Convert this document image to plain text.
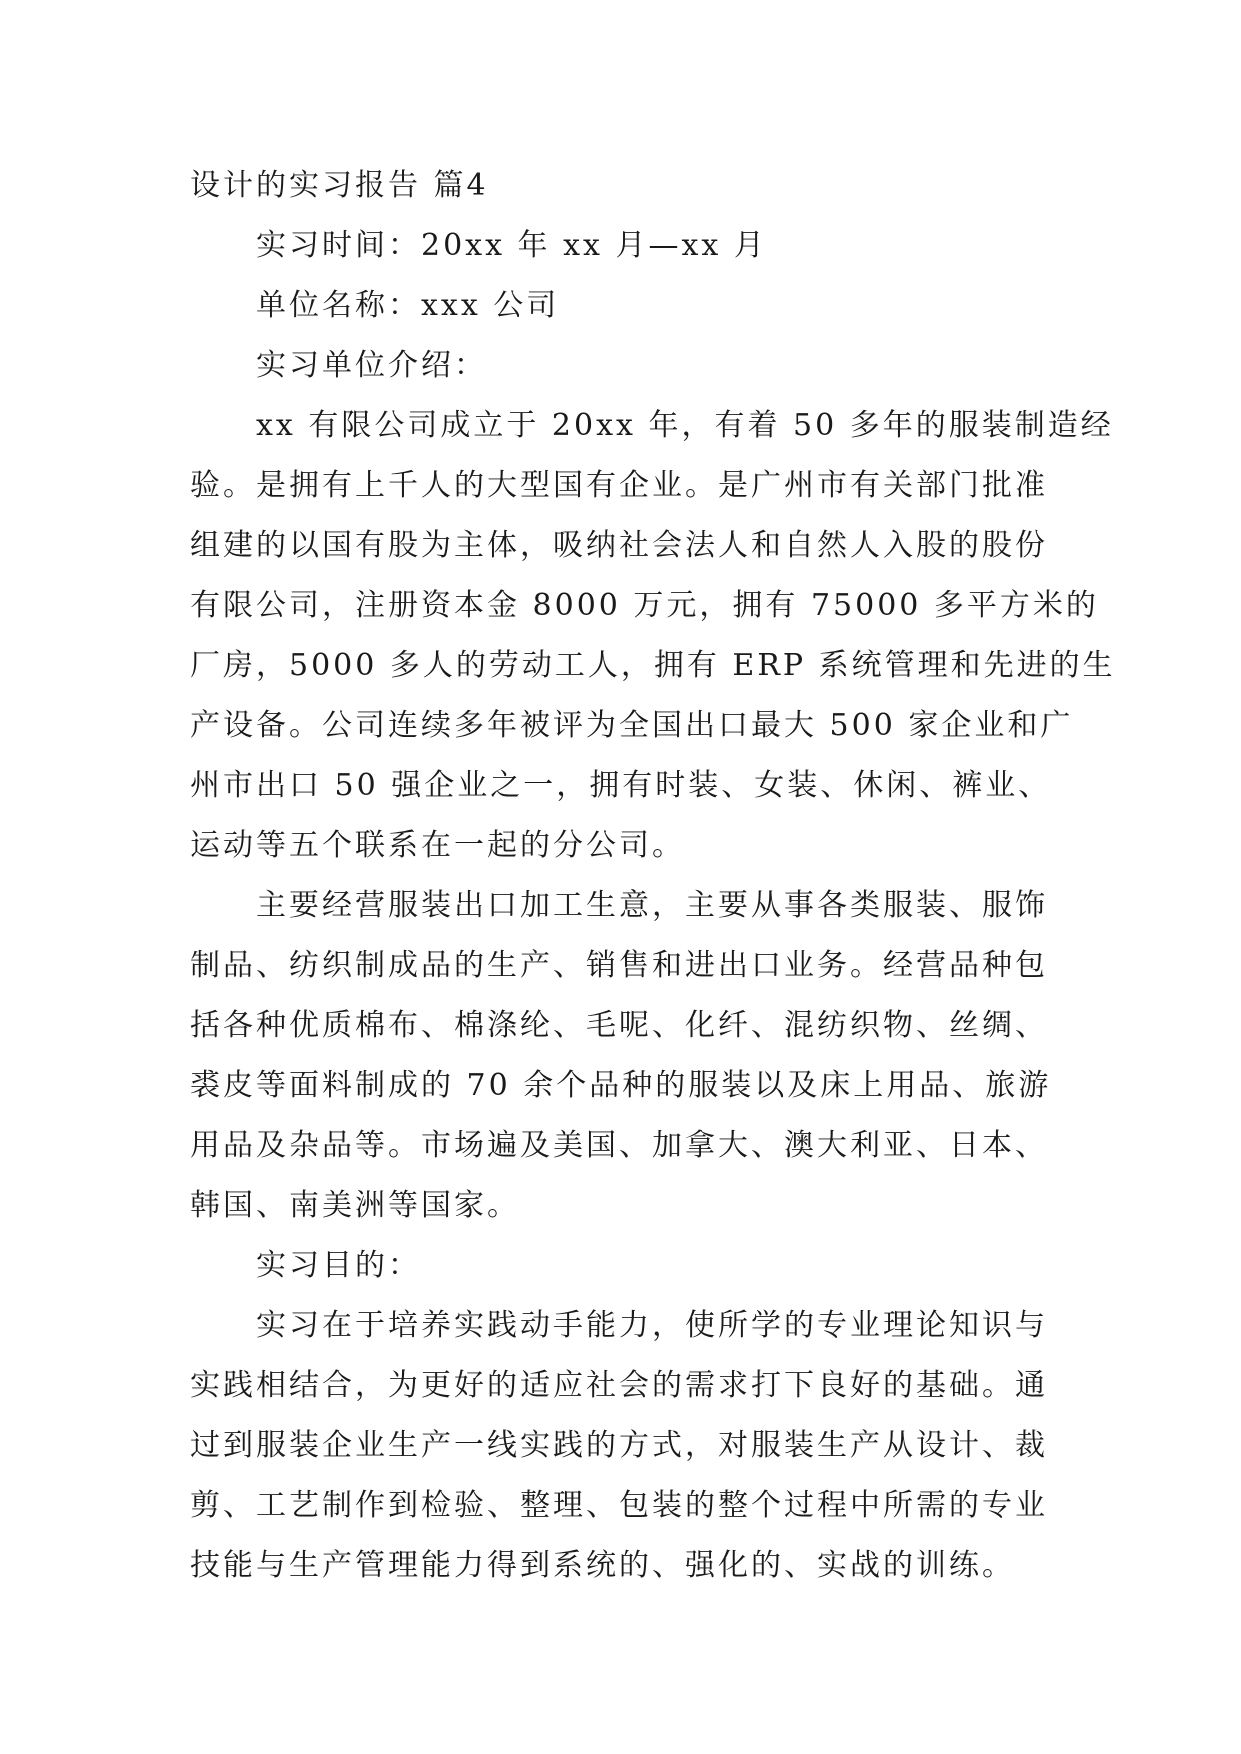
设计的实习报告 篇4
实习时间：20xx 年 xx 月—xx 月
单位名称：xxx 公司
实习单位介绍：
xx 有限公司成立于 20xx 年，有着 50 多年的服装制造经
验。是拥有上千人的大型国有企业。是广州市有关部门批准
组建的以国有股为主体，吸纳社会法人和自然人入股的股份
有限公司，注册资本金 8000 万元，拥有 75000 多平方米的
厂房，5000 多人的劳动工人，拥有 ERP 系统管理和先进的生
产设备。公司连续多年被评为全国出口最大 500 家企业和广
州市出口 50 强企业之一，拥有时装、女装、休闲、裤业、
运动等五个联系在一起的分公司。
主要经营服装出口加工生意，主要从事各类服装、服饰
制品、纺织制成品的生产、销售和进出口业务。经营品种包
括各种优质棉布、棉涤纶、毛呢、化纤、混纺织物、丝绸、
裘皮等面料制成的 70 余个品种的服装以及床上用品、旅游
用品及杂品等。市场遍及美国、加拿大、澳大利亚、日本、
韩国、南美洲等国家。
实习目的：
实习在于培养实践动手能力，使所学的专业理论知识与
实践相结合，为更好的适应社会的需求打下良好的基础。通
过到服装企业生产一线实践的方式，对服装生产从设计、裁
剪、工艺制作到检验、整理、包装的整个过程中所需的专业
技能与生产管理能力得到系统的、强化的、实战的训练。
